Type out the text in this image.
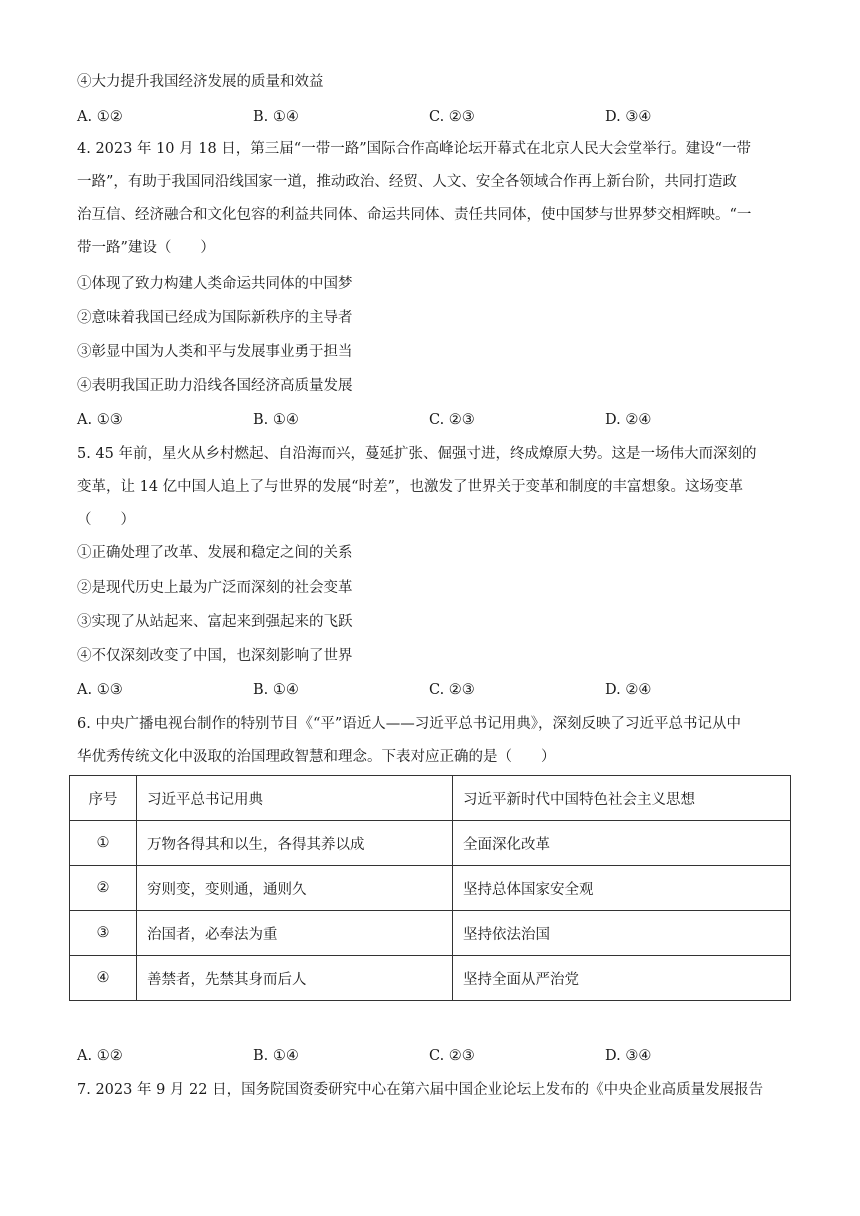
④大力提升我国经济发展的质量和效益
A. ①②	B. ①④	C. ②③	D. ③④
4. 2023 年 10 月 18 日，第三届“一带一路”国际合作高峰论坛开幕式在北京人民大会堂举行。建设“一带
一路”，有助于我国同沿线国家一道，推动政治、经贸、人文、安全各领域合作再上新台阶，共同打造政
治互信、经济融合和文化包容的利益共同体、命运共同体、责任共同体，使中国梦与世界梦交相辉映。“一
带一路”建设（　　）
①体现了致力构建人类命运共同体的中国梦
②意味着我国已经成为国际新秩序的主导者
③彰显中国为人类和平与发展事业勇于担当
④表明我国正助力沿线各国经济高质量发展
A. ①③	B. ①④	C. ②③	D. ②④
5. 45 年前，星火从乡村燃起、自沿海而兴，蔓延扩张、倔强寸进，终成燎原大势。这是一场伟大而深刻的
变革，让 14 亿中国人追上了与世界的发展“时差”，也激发了世界关于变革和制度的丰富想象。这场变革
（　　）
①正确处理了改革、发展和稳定之间的关系
②是现代历史上最为广泛而深刻的社会变革
③实现了从站起来、富起来到强起来的飞跃
④不仅深刻改变了中国，也深刻影响了世界
A. ①③	B. ①④	C. ②③	D. ②④
6. 中央广播电视台制作的特别节目《“平”语近人——习近平总书记用典》，深刻反映了习近平总书记从中
华优秀传统文化中汲取的治国理政智慧和理念。下表对应正确的是（　　）
序号	习近平总书记用典	习近平新时代中国特色社会主义思想
①	万物各得其和以生，各得其养以成	全面深化改革
②	穷则变，变则通，通则久	坚持总体国家安全观
③	治国者，必奉法为重	坚持依法治国
④	善禁者，先禁其身而后人	坚持全面从严治党
A. ①②	B. ①④	C. ②③	D. ③④
7. 2023 年 9 月 22 日，国务院国资委研究中心在第六届中国企业论坛上发布的《中央企业高质量发展报告
